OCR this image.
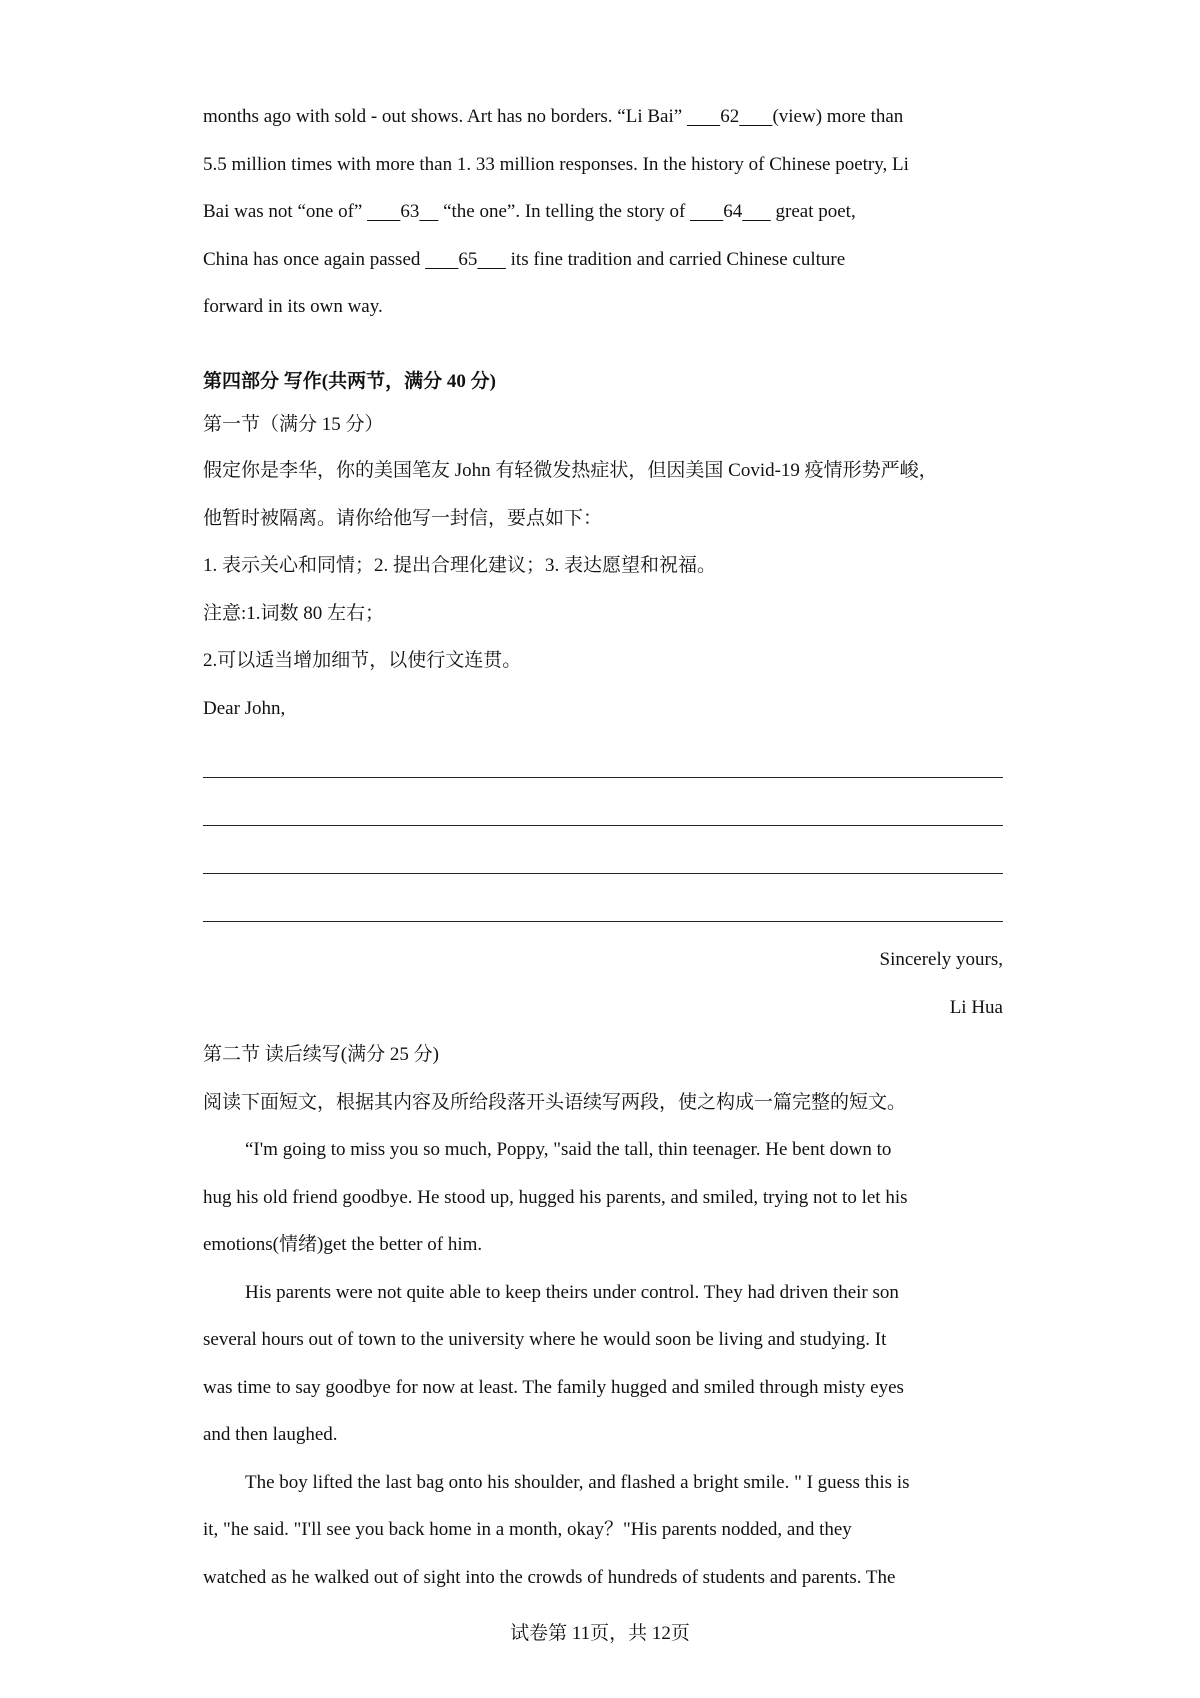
months ago with sold - out shows. Art has no borders. “Li Bai”        62 (view) more than
5.5 million times with more than 1. 33 million responses. In the history of Chinese poetry, Li
Bai was not “one of”        63     “the one”. In telling the story of        64       great poet,
China has once again passed        65       its fine tradition and carried Chinese culture
forward in its own way.
第四部分 写作(共两节，满分 40 分)
第一节（满分 15 分）
假定你是李华，你的美国笔友 John 有轻微发热症状，但因美国 Covid-19 疫情形势严峻，
他暂时被隔离。请你给他写一封信，要点如下：
1. 表示关心和同情；2. 提出合理化建议；3. 表达愿望和祝福。
注意:1.词数 80 左右；
2.可以适当增加细节，以使行文连贯。
Dear John,
Sincerely yours,
Li Hua
第二节 读后续写(满分 25 分)
阅读下面短文，根据其内容及所给段落开头语续写两段，使之构成一篇完整的短文。
“I'm going to miss you so much, Poppy, "said the tall, thin teenager. He bent down to
hug his old friend goodbye. He stood up, hugged his parents, and smiled, trying not to let his
emotions(情绪)get the better of him.
His parents were not quite able to keep theirs under control. They had driven their son
several hours out of town to the university where he would soon be living and studying. It
was time to say goodbye for now at least. The family hugged and smiled through misty eyes
and then laughed.
The boy lifted the last bag onto his shoulder, and flashed a bright smile. " I guess this is
it, "he said. "I'll see you back home in a month, okay？"His parents nodded, and they
watched as he walked out of sight into the crowds of hundreds of students and parents. The
试卷第 11页，共 12页
